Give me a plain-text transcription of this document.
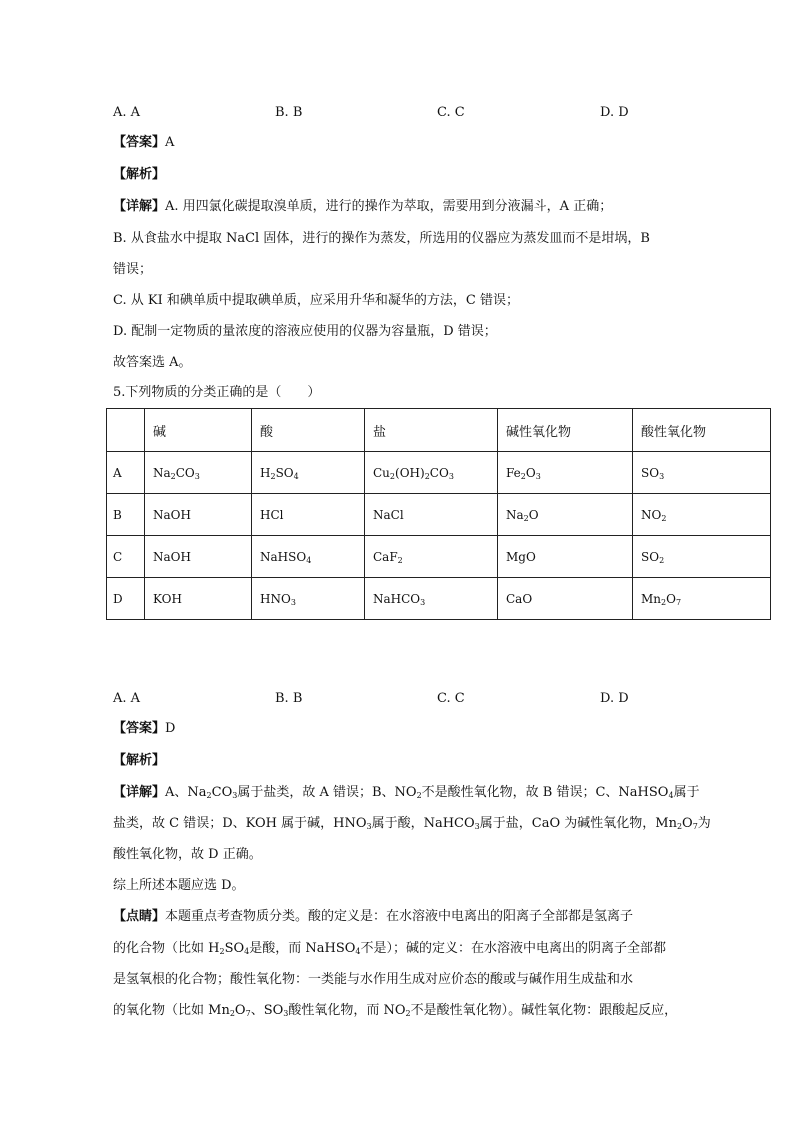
A. A	B. B	C. C	D. D
【答案】A
【解析】
【详解】A. 用四氯化碳提取溴单质，进行的操作为萃取，需要用到分液漏斗，A 正确；
B. 从食盐水中提取 NaCl 固体，进行的操作为蒸发，所选用的仪器应为蒸发皿而不是坩埚，B
错误；
C. 从 KI 和碘单质中提取碘单质，应采用升华和凝华的方法，C 错误；
D. 配制一定物质的量浓度的溶液应使用的仪器为容量瓶，D 错误；
故答案选 A。
5.下列物质的分类正确的是（　　）
	碱	酸	盐	碱性氧化物	酸性氧化物
A	$Na_2CO_3$	$H_2SO_4$	$Cu_2(OH)_2CO_3$	$Fe_2O_3$	$SO_3$
B	NaOH	HCl	NaCl	$Na_2O$	$NO_2$
C	NaOH	NaHSO$_4$	CaF$_2$	MgO	$SO_2$
D	KOH	$HNO_3$	NaHCO$_3$	CaO	$Mn_2O_7$
A. A	B. B	C. C	D. D
【答案】D
【解析】
【详解】A、$Na_2CO_3$属于盐类，故 A 错误；B、$NO_2$不是酸性氧化物，故 B 错误；C、NaHSO$_4$属于
盐类，故 C 错误；D、KOH 属于碱，$HNO_3$属于酸，NaHCO$_3$属于盐，CaO 为碱性氧化物，$Mn_2O_7$为
酸性氧化物，故 D 正确。
综上所述本题应选 D。
【点睛】本题重点考查物质分类。酸的定义是：在水溶液中电离出的阳离子全部都是氢离子
的化合物（比如 $H_2SO_4$是酸，而 NaHSO$_4$不是）；碱的定义：在水溶液中电离出的阴离子全部都
是氢氧根的化合物；酸性氧化物：一类能与水作用生成对应价态的酸或与碱作用生成盐和水
的氧化物（比如 $Mn_2O_7$、$SO_3$酸性氧化物，而 $NO_2$不是酸性氧化物）。碱性氧化物：跟酸起反应，
